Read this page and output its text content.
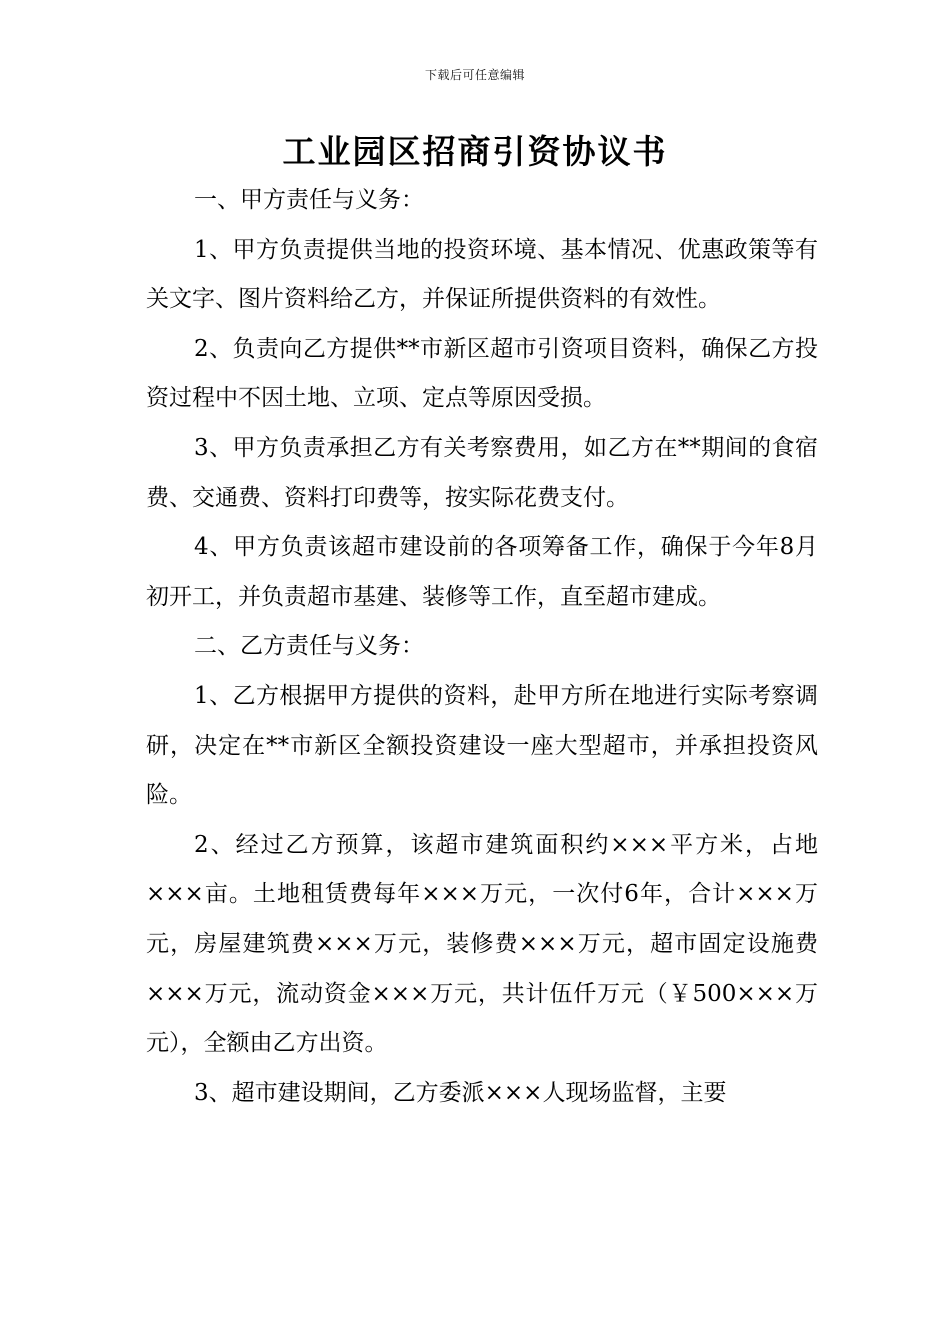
下载后可任意编辑
工业园区招商引资协议书

一、甲方责任与义务：

1、甲方负责提供当地的投资环境、基本情况、优惠政策等有关文字、图片资料给乙方，并保证所提供资料的有效性。

2、负责向乙方提供**市新区超市引资项目资料，确保乙方投资过程中不因土地、立项、定点等原因受损。

3、甲方负责承担乙方有关考察费用，如乙方在**期间的食宿费、交通费、资料打印费等，按实际花费支付。

4、甲方负责该超市建设前的各项筹备工作，确保于今年8月初开工，并负责超市基建、装修等工作，直至超市建成。

二、乙方责任与义务：

1、乙方根据甲方提供的资料，赴甲方所在地进行实际考察调研，决定在**市新区全额投资建设一座大型超市，并承担投资风险。

2、经过乙方预算，该超市建筑面积约×××平方米，占地×××亩。土地租赁费每年×××万元，一次付6年，合计×××万元，房屋建筑费×××万元，装修费×××万元，超市固定设施费×××万元，流动资金×××万元，共计伍仟万元（￥500×××万元），全额由乙方出资。

3、超市建设期间，乙方委派×××人现场监督，主要
